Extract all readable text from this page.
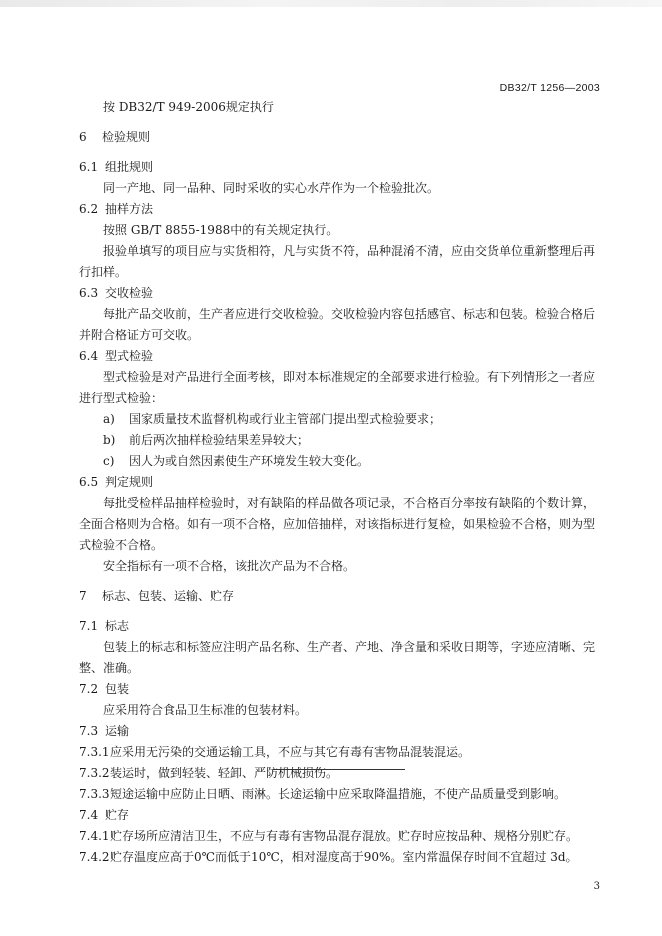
DB32/T 1256—2003
按 DB32/T 949-2006规定执行
6 检验规则
6.1 组批规则
同一产地、同一品种、同时采收的实心水芹作为一个检验批次。
6.2 抽样方法
按照 GB/T 8855-1988中的有关规定执行。
报验单填写的项目应与实货相符，凡与实货不符，品种混淆不清，应由交货单位重新整理后再行扣样。
6.3 交收检验
每批产品交收前，生产者应进行交收检验。交收检验内容包括感官、标志和包装。检验合格后并附合格证方可交收。
6.4 型式检验
型式检验是对产品进行全面考核，即对本标准规定的全部要求进行检验。有下列情形之一者应进行型式检验：
a) 国家质量技术监督机构或行业主管部门提出型式检验要求；
b) 前后两次抽样检验结果差异较大；
c) 因人为或自然因素使生产环境发生较大变化。
6.5 判定规则
每批受检样品抽样检验时，对有缺陷的样品做各项记录，不合格百分率按有缺陷的个数计算，全面合格则为合格。如有一项不合格，应加倍抽样，对该指标进行复检，如果检验不合格，则为型式检验不合格。
安全指标有一项不合格，该批次产品为不合格。
7 标志、包装、运输、贮存
7.1 标志
包装上的标志和标签应注明产品名称、生产者、产地、净含量和采收日期等，字迹应清晰、完整、准确。
7.2 包装
应采用符合食品卫生标准的包装材料。
7.3 运输
7.3.1应采用无污染的交通运输工具，不应与其它有毒有害物品混装混运。
7.3.2装运时，做到轻装、轻卸、严防机械损伤。
7.3.3短途运输中应防止日晒、雨淋。长途运输中应采取降温措施，不使产品质量受到影响。
7.4 贮存
7.4.1贮存场所应清洁卫生，不应与有毒有害物品混存混放。贮存时应按品种、规格分别贮存。
7.4.2贮存温度应高于0℃而低于10℃，相对湿度高于90%。室内常温保存时间不宜超过 3d。
3
